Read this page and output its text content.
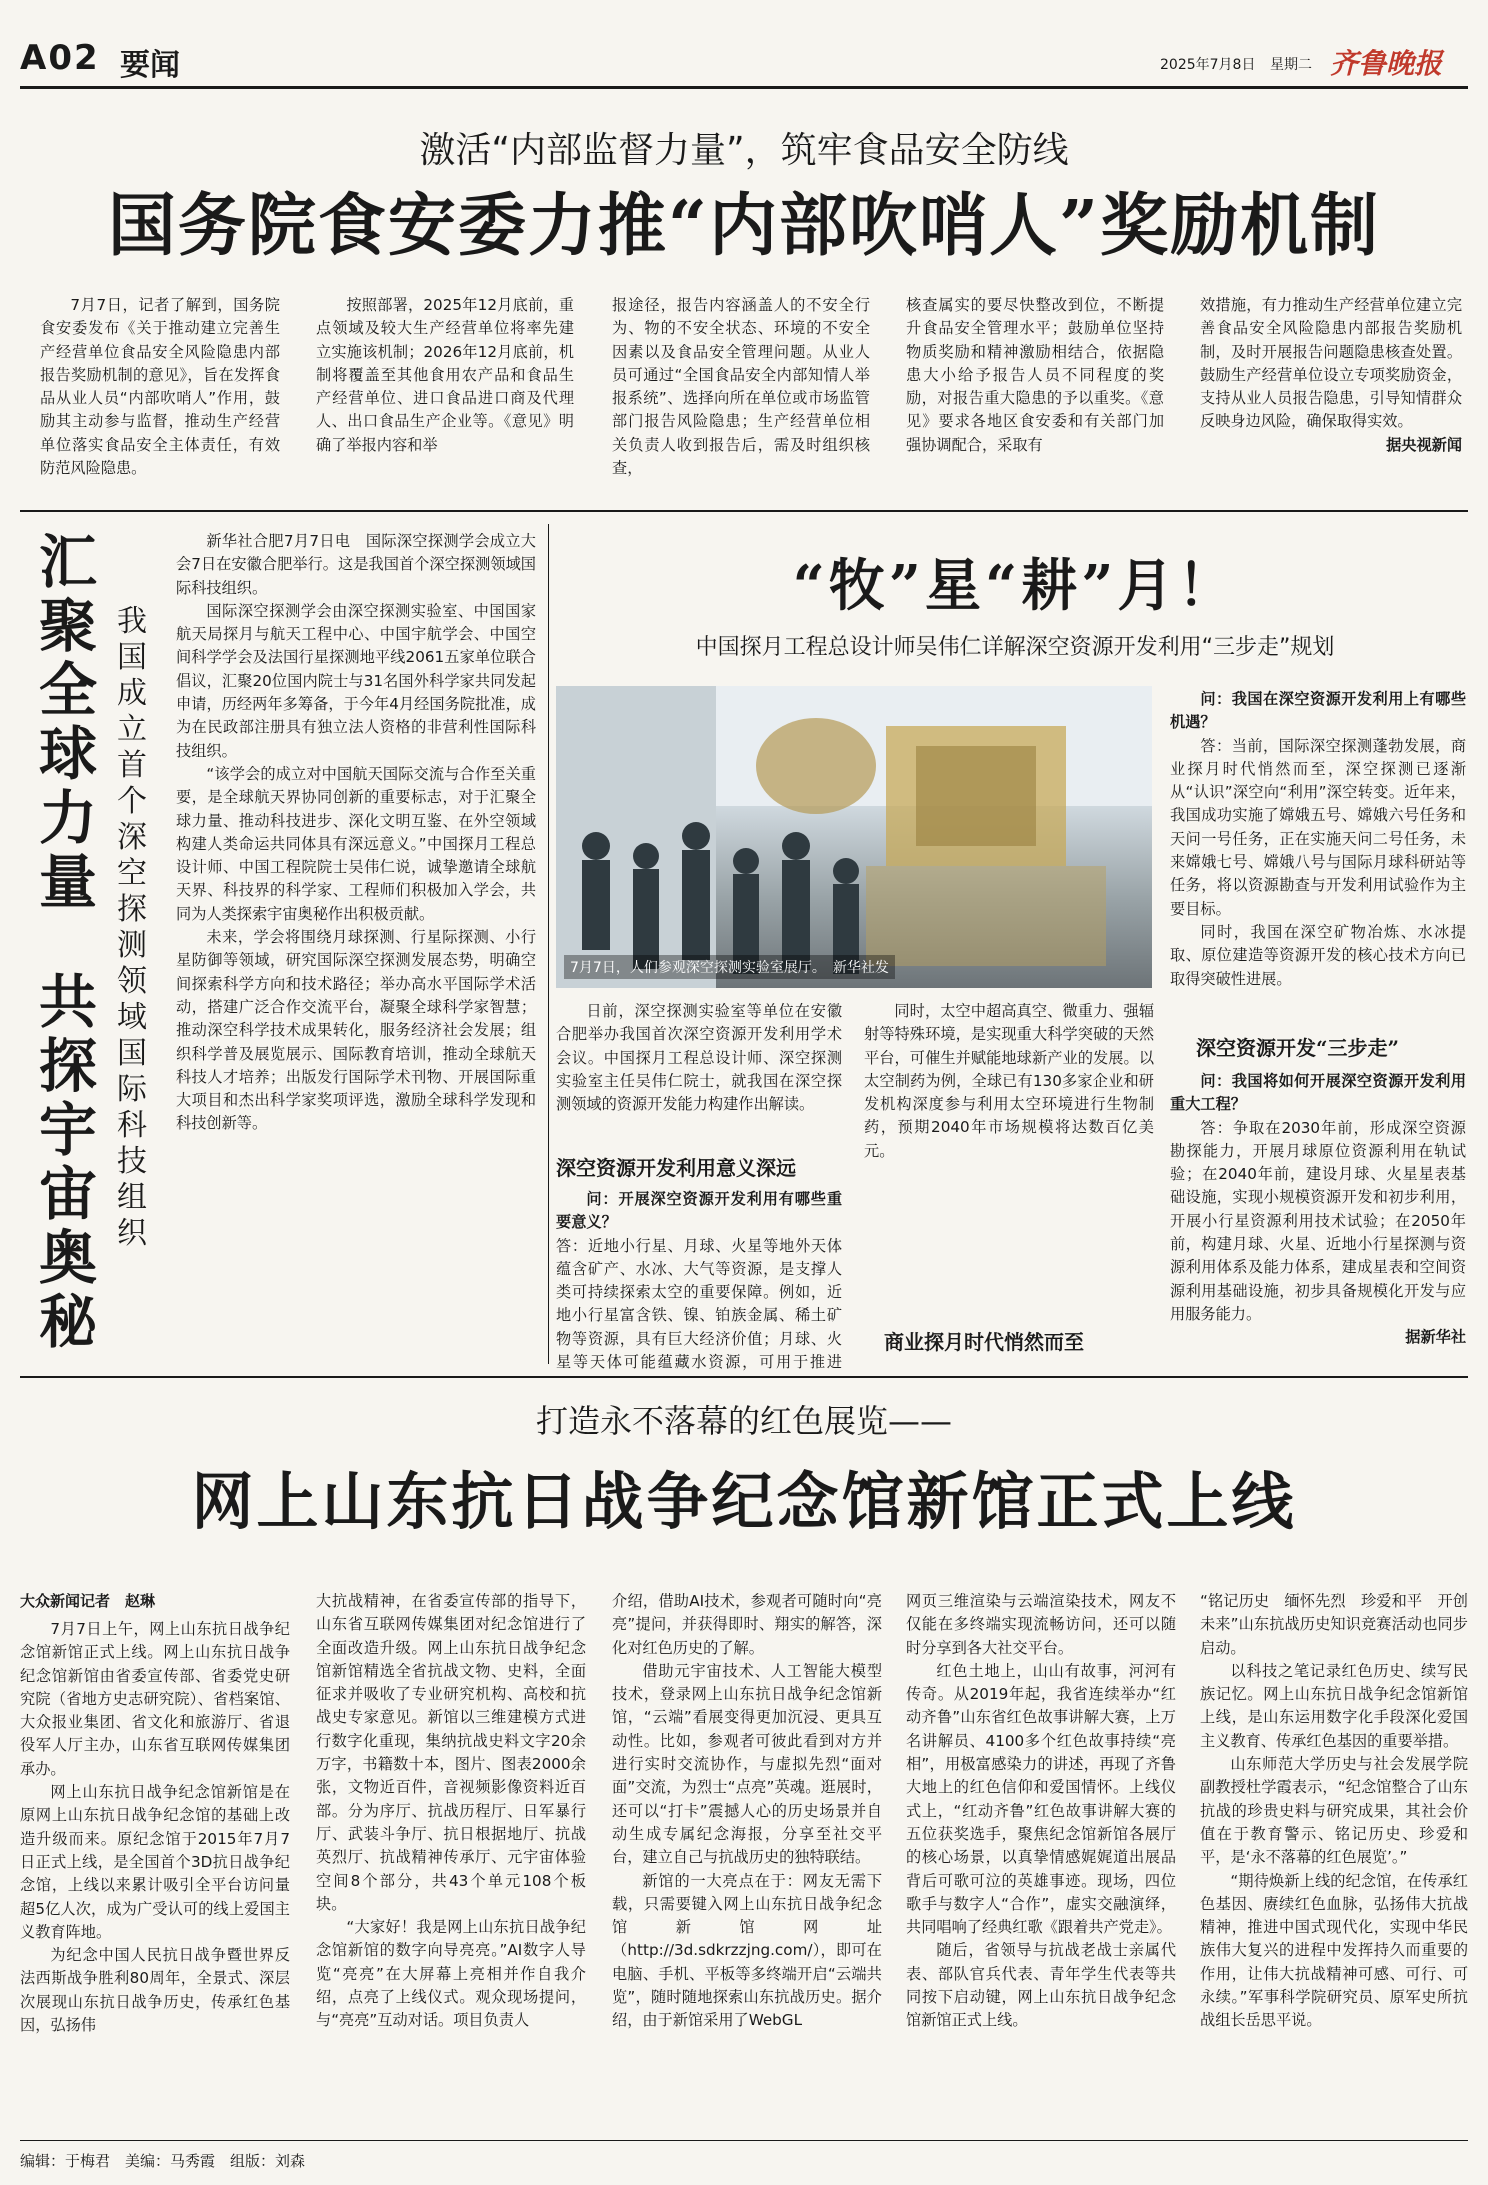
A02 要闻	2025年7月8日 星期二 齐鲁晚报
激活“内部监督力量”，筑牢食品安全防线
国务院食安委力推“内部吹哨人”奖励机制

7月7日，记者了解到，国务院食安委发布《关于推动建立完善生产经营单位食品安全风险隐患内部报告奖励机制的意见》，旨在发挥食品从业人员“内部吹哨人”作用，鼓励其主动参与监督，推动生产经营单位落实食品安全主体责任，有效防范风险隐患。

按照部署，2025年12月底前，重点领域及较大生产经营单位将率先建立实施该机制；2026年12月底前，机制将覆盖至其他食用农产品和食品生产经营单位、进口食品进口商及代理人、出口食品生产企业等。《意见》明确了举报内容和举

报途径，报告内容涵盖人的不安全行为、物的不安全状态、环境的不安全因素以及食品安全管理问题。从业人员可通过“全国食品安全内部知情人举报系统”、选择向所在单位或市场监管部门报告风险隐患；生产经营单位相关负责人收到报告后，需及时组织核查，

核查属实的要尽快整改到位，不断提升食品安全管理水平；鼓励单位坚持物质奖励和精神激励相结合，依据隐患大小给予报告人员不同程度的奖励，对报告重大隐患的予以重奖。《意见》要求各地区食安委和有关部门加强协调配合，采取有

效措施，有力推动生产经营单位建立完善食品安全风险隐患内部报告奖励机制，及时开展报告问题隐患核查处置。鼓励生产经营单位设立专项奖励资金，支持从业人员报告隐患，引导知情群众反映身边风险，确保取得实效。

据央视新闻
汇聚全球力量
共探宇宙奥秘
我国成立首个深空探测领域国际科技组织

新华社合肥7月7日电　国际深空探测学会成立大会7日在安徽合肥举行。这是我国首个深空探测领域国际科技组织。

国际深空探测学会由深空探测实验室、中国国家航天局探月与航天工程中心、中国宇航学会、中国空间科学学会及法国行星探测地平线2061五家单位联合倡议，汇聚20位国内院士与31名国外科学家共同发起申请，历经两年多筹备，于今年4月经国务院批准，成为在民政部注册具有独立法人资格的非营利性国际科技组织。

“该学会的成立对中国航天国际交流与合作至关重要，是全球航天界协同创新的重要标志，对于汇聚全球力量、推动科技进步、深化文明互鉴、在外空领域构建人类命运共同体具有深远意义。”中国探月工程总设计师、中国工程院院士吴伟仁说，诚挚邀请全球航天界、科技界的科学家、工程师们积极加入学会，共同为人类探索宇宙奥秘作出积极贡献。

未来，学会将围绕月球探测、行星际探测、小行星防御等领域，研究国际深空探测发展态势，明确空间探索科学方向和技术路径；举办高水平国际学术活动，搭建广泛合作交流平台，凝聚全球科学家智慧；推动深空科学技术成果转化，服务经济社会发展；组织科学普及展览展示、国际教育培训，推动全球航天科技人才培养；出版发行国际学术刊物、开展国际重大项目和杰出科学家奖项评选，激励全球科学发现和科技创新等。

“牧”星“耕”月！
中国探月工程总设计师吴伟仁详解深空资源开发利用“三步走”规划
7月7日，人们参观深空探测实验室展厅。　新华社发

问：我国在深空资源开发利用上有哪些机遇？

答：当前，国际深空探测蓬勃发展，商业探月时代悄然而至，深空探测已逐渐从“认识”深空向“利用”深空转变。近年来，我国成功实施了嫦娥五号、嫦娥六号任务和天问一号任务，正在实施天问二号任务，未来嫦娥七号、嫦娥八号与国际月球科研站等任务，将以资源勘查与开发利用试验作为主要目标。

同时，我国在深空矿物冶炼、水冰提取、原位建造等资源开发的核心技术方向已取得突破性进展。

深空资源开发“三步走”

问：我国将如何开展深空资源开发利用重大工程？

答：争取在2030年前，形成深空资源勘探能力，开展月球原位资源利用在轨试验；在2040年前，建设月球、火星星表基础设施，实现小规模资源开发和初步利用，开展小行星资源利用技术试验；在2050年前，构建月球、火星、近地小行星探测与资源利用体系及能力体系，建成星表和空间资源利用基础设施，初步具备规模化开发与应用服务能力。

据新华社

日前，深空探测实验室等单位在安徽合肥举办我国首次深空资源开发利用学术会议。中国探月工程总设计师、深空探测实验室主任吴伟仁院士，就我国在深空探测领域的资源开发能力构建作出解读。

深空资源开发利用意义深远

问：开展深空资源开发利用有哪些重要意义？

答：近地小行星、月球、火星等地外天体蕴含矿产、水冰、大气等资源，是支撑人类可持续探索太空的重要保障。例如，近地小行星富含铁、镍、铂族金属、稀土矿物等资源，具有巨大经济价值；月球、火星等天体可能蕴藏水资源，可用于推进

同时，太空中超高真空、微重力、强辐射等特殊环境，是实现重大科学突破的天然平台，可催生并赋能地球新产业的发展。以太空制药为例，全球已有130多家企业和研发机构深度参与利用太空环境进行生物制药，预期2040年市场规模将达数百亿美元。

商业探月时代悄然而至
打造永不落幕的红色展览——
网上山东抗日战争纪念馆新馆正式上线
大众新闻记者　赵琳

7月7日上午，网上山东抗日战争纪念馆新馆正式上线。网上山东抗日战争纪念馆新馆由省委宣传部、省委党史研究院（省地方史志研究院）、省档案馆、大众报业集团、省文化和旅游厅、省退役军人厅主办，山东省互联网传媒集团承办。

网上山东抗日战争纪念馆新馆是在原网上山东抗日战争纪念馆的基础上改造升级而来。原纪念馆于2015年7月7日正式上线，是全国首个3D抗日战争纪念馆，上线以来累计吸引全平台访问量超5亿人次，成为广受认可的线上爱国主义教育阵地。

为纪念中国人民抗日战争暨世界反法西斯战争胜利80周年，全景式、深层次展现山东抗日战争历史，传承红色基因，弘扬伟

大抗战精神，在省委宣传部的指导下，山东省互联网传媒集团对纪念馆进行了全面改造升级。网上山东抗日战争纪念馆新馆精选全省抗战文物、史料，全面征求并吸收了专业研究机构、高校和抗战史专家意见。新馆以三维建模方式进行数字化重现，集纳抗战史料文字20余万字，书籍数十本，图片、图表2000余张，文物近百件，音视频影像资料近百部。分为序厅、抗战历程厅、日军暴行厅、武装斗争厅、抗日根据地厅、抗战英烈厅、抗战精神传承厅、元宇宙体验空间8个部分，共43个单元108个板块。

“大家好！我是网上山东抗日战争纪念馆新馆的数字向导亮亮。”AI数字人导览“亮亮”在大屏幕上亮相并作自我介绍，点亮了上线仪式。观众现场提问，与“亮亮”互动对话。项目负责人

介绍，借助AI技术，参观者可随时向“亮亮”提问，并获得即时、翔实的解答，深化对红色历史的了解。

借助元宇宙技术、人工智能大模型技术，登录网上山东抗日战争纪念馆新馆，“云端”看展变得更加沉浸、更具互动性。比如，参观者可彼此看到对方并进行实时交流协作，与虚拟先烈“面对面”交流，为烈士“点亮”英魂。逛展时，还可以“打卡”震撼人心的历史场景并自动生成专属纪念海报，分享至社交平台，建立自己与抗战历史的独特联结。

新馆的一大亮点在于：网友无需下载，只需要键入网上山东抗日战争纪念馆新馆网址（http://3d.sdkrzzjng.com/），即可在电脑、手机、平板等多终端开启“云端共览”，随时随地探索山东抗战历史。据介绍，由于新馆采用了WebGL

网页三维渲染与云端渲染技术，网友不仅能在多终端实现流畅访问，还可以随时分享到各大社交平台。

红色土地上，山山有故事，河河有传奇。从2019年起，我省连续举办“红动齐鲁”山东省红色故事讲解大赛，上万名讲解员、4100多个红色故事持续“亮相”，用极富感染力的讲述，再现了齐鲁大地上的红色信仰和爱国情怀。上线仪式上，“红动齐鲁”红色故事讲解大赛的五位获奖选手，聚焦纪念馆新馆各展厅的核心场景，以真挚情感娓娓道出展品背后可歌可泣的英雄事迹。现场，四位歌手与数字人“合作”，虚实交融演绎，共同唱响了经典红歌《跟着共产党走》。

随后，省领导与抗战老战士亲属代表、部队官兵代表、青年学生代表等共同按下启动键，网上山东抗日战争纪念馆新馆正式上线。

“铭记历史　缅怀先烈　珍爱和平　开创未来”山东抗战历史知识竞赛活动也同步启动。

以科技之笔记录红色历史、续写民族记忆。网上山东抗日战争纪念馆新馆上线，是山东运用数字化手段深化爱国主义教育、传承红色基因的重要举措。

山东师范大学历史与社会发展学院副教授杜学霞表示，“纪念馆整合了山东抗战的珍贵史料与研究成果，其社会价值在于教育警示、铭记历史、珍爱和平，是‘永不落幕的红色展览’。”

“期待焕新上线的纪念馆，在传承红色基因、赓续红色血脉，弘扬伟大抗战精神，推进中国式现代化，实现中华民族伟大复兴的进程中发挥持久而重要的作用，让伟大抗战精神可感、可行、可永续。”军事科学院研究员、原军史所抗战组长岳思平说。

编辑：于梅君　美编：马秀霞　组版：刘森
